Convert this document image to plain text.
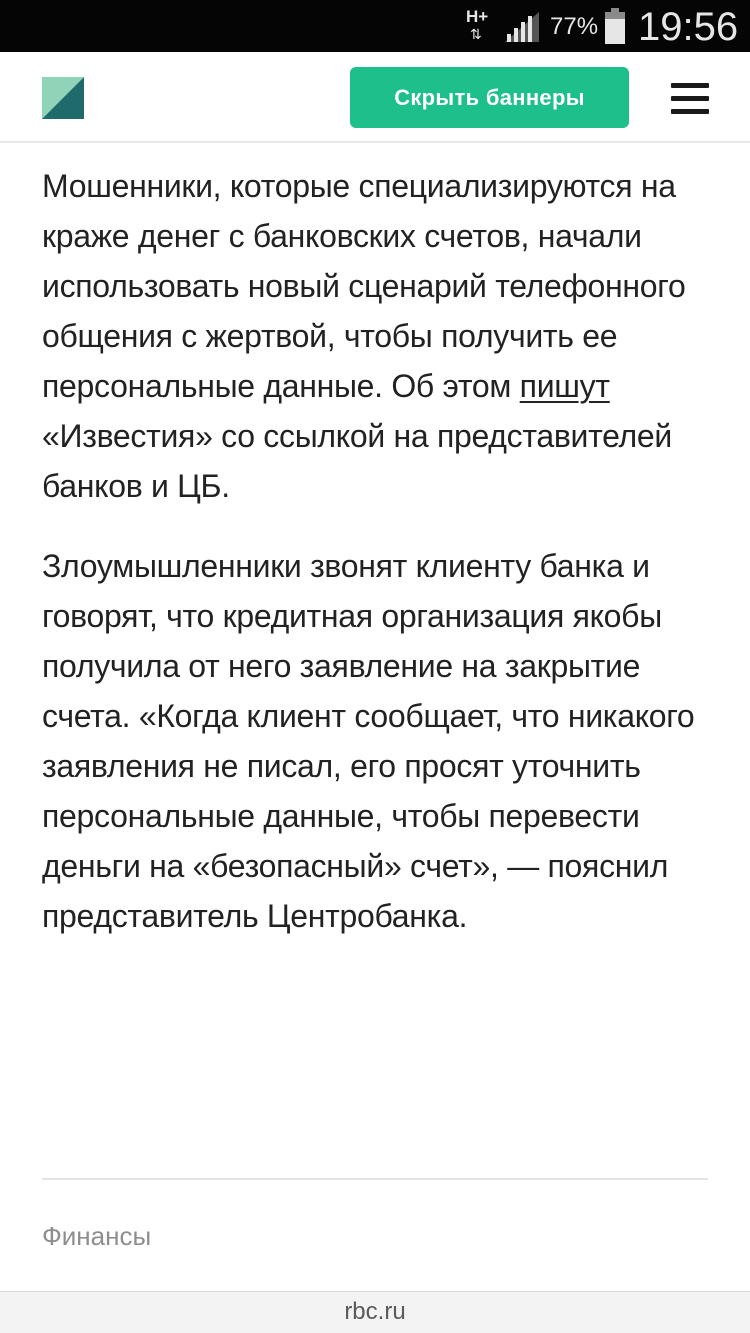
H+
⇅	77% 19:56
Скрыть баннеры

Мошенники, которые специализируются на краже денег с банковских счетов, начали использовать новый сценарий телефонного общения с жертвой, чтобы получить ее персональные данные. Об этом пишут «Известия» со ссылкой на представителей банков и ЦБ.

Злоумышленники звонят клиенту банка и говорят, что кредитная организация якобы получила от него заявление на закрытие счета. «Когда клиент сообщает, что никакого заявления не писал, его просят уточнить персональные данные, чтобы перевести деньги на «безопасный» счет», — пояснил представитель Центробанка.

Финансы
rbc.ru
